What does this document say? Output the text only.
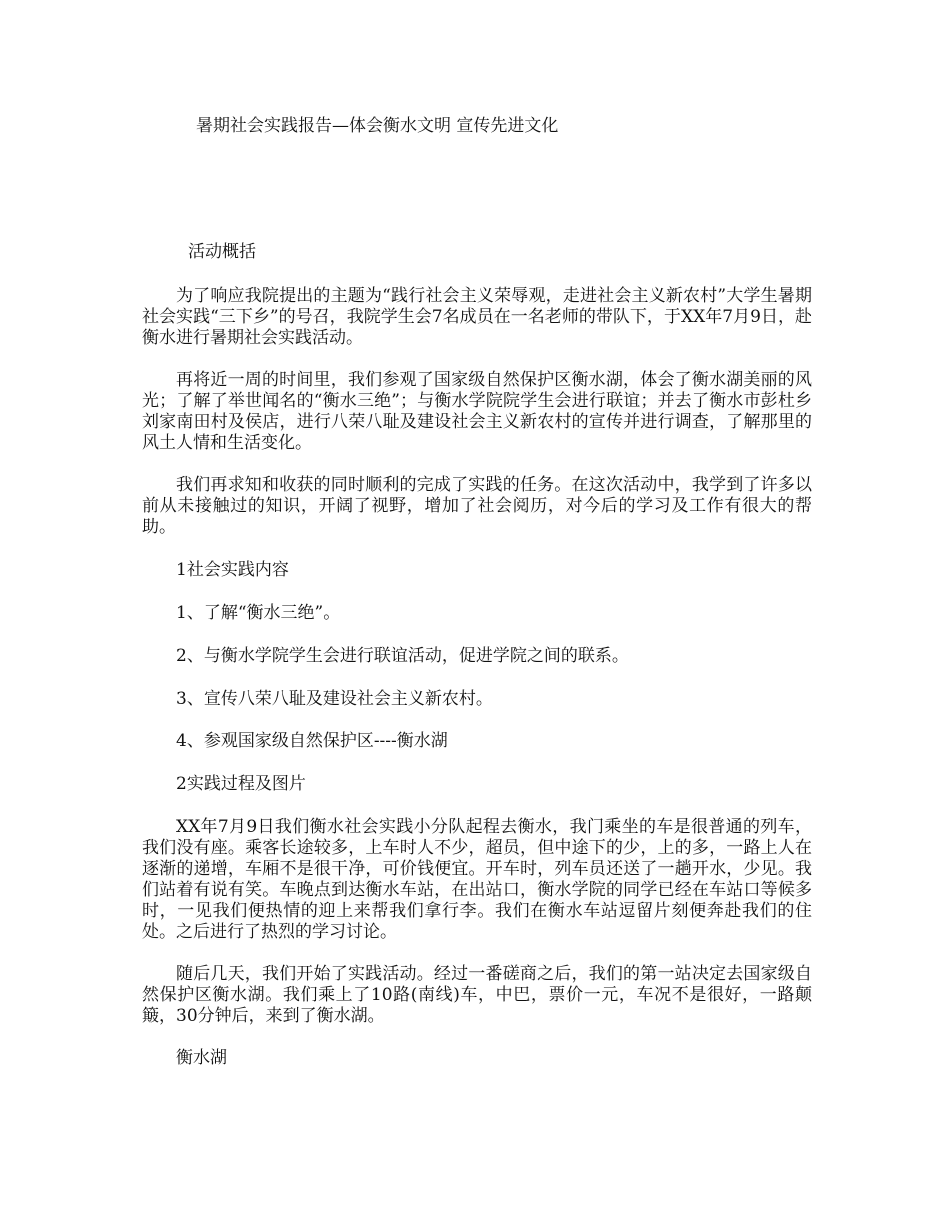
暑期社会实践报告—体会衡水文明 宣传先进文化
活动概括

为了响应我院提出的主题为“践行社会主义荣辱观，走进社会主义新农村”大学生暑期社会实践“三下乡”的号召，我院学生会7名成员在一名老师的带队下，于XX年7月9日，赴衡水进行暑期社会实践活动。

再将近一周的时间里，我们参观了国家级自然保护区衡水湖，体会了衡水湖美丽的风光；了解了举世闻名的“衡水三绝”；与衡水学院院学生会进行联谊；并去了衡水市彭杜乡刘家南田村及侯店，进行八荣八耻及建设社会主义新农村的宣传并进行调查，了解那里的风土人情和生活变化。

我们再求知和收获的同时顺利的完成了实践的任务。在这次活动中，我学到了许多以前从未接触过的知识，开阔了视野，增加了社会阅历，对今后的学习及工作有很大的帮助。

1社会实践内容

1、了解“衡水三绝”。

2、与衡水学院学生会进行联谊活动，促进学院之间的联系。

3、宣传八荣八耻及建设社会主义新农村。

4、参观国家级自然保护区----衡水湖

2实践过程及图片

XX年7月9日我们衡水社会实践小分队起程去衡水，我门乘坐的车是很普通的列车，我们没有座。乘客长途较多，上车时人不少，超员，但中途下的少，上的多，一路上人在逐渐的递增，车厢不是很干净，可价钱便宜。开车时，列车员还送了一趟开水，少见。我们站着有说有笑。车晚点到达衡水车站，在出站口，衡水学院的同学已经在车站口等候多时，一见我们便热情的迎上来帮我们拿行李。我们在衡水车站逗留片刻便奔赴我们的住处。之后进行了热烈的学习讨论。

随后几天，我们开始了实践活动。经过一番磋商之后，我们的第一站决定去国家级自然保护区衡水湖。我们乘上了10路(南线)车，中巴，票价一元，车况不是很好，一路颠簸，30分钟后，来到了衡水湖。

衡水湖
